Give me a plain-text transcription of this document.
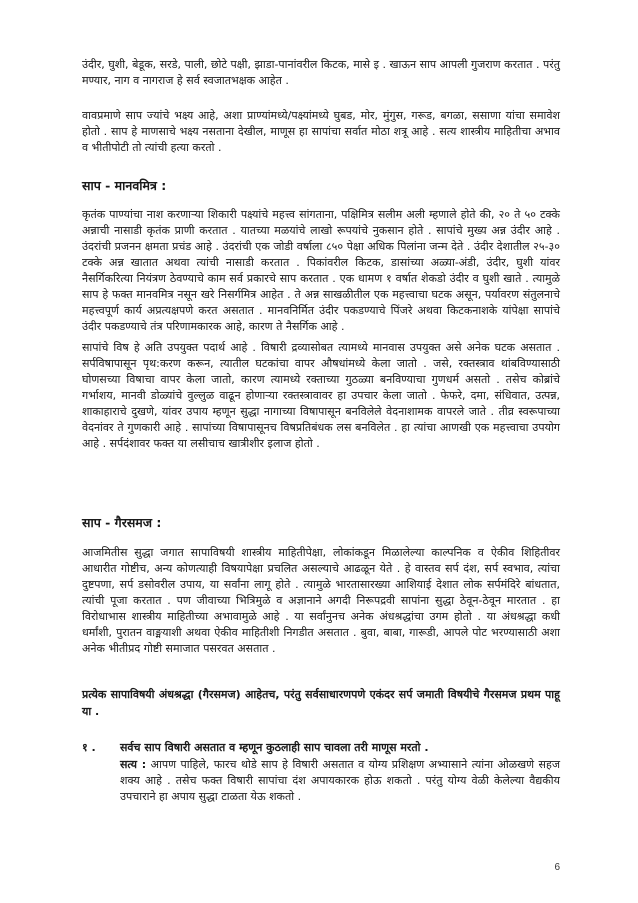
उंदीर, घुशी, बेडूक, सरडे, पाली, छोटे पक्षी, झाडा-पानांवरील किटक, मासे इ . खाऊन साप आपली गुजराण करतात . परंतु मण्यार, नाग व नागराज हे सर्व स्वजातभक्षक आहेत .

वावप्रमाणे साप ज्यांचे भक्ष्य आहे, अशा प्राण्यांमध्ये/पक्ष्यांमध्ये घुबड, मोर, मुंगुस, गरूड, बगळा, ससाणा यांचा समावेश होतो . साप हे माणसाचे भक्ष्य नसताना देखील, माणूस हा सापांचा सर्वात मोठा शत्रू आहे . सत्य शास्त्रीय माहितीचा अभाव व भीतीपोटी तो त्यांची हत्या करतो .

साप - मानवमित्र :

कृतंक पाण्यांचा नाश करणाऱ्या शिकारी पक्ष्यांचे महत्त्व सांगताना, पक्षिमित्र सलीम अली म्हणाले होते की, २० ते ५० टक्के अन्नाची नासाडी कृतंक प्राणी करतात . यातच्या मळयांचे लाखो रूपयांचे नुकसान होते . सापांचे मुख्य अन्न उंदीर आहे . उंदरांची प्रजनन क्षमता प्रचंड आहे . उंदरांची एक जोडी वर्षाला ८५० पेक्षा अधिक पिलांना जन्म देते . उंदीर देशातील २५-३० टक्के अन्न खातात अथवा त्यांची नासाडी करतात . पिकांवरील किटक, डासांच्या अळ्या-अंडी, उंदीर, घुशी यांवर नैसर्गिकरित्या नियंत्रण ठेवण्याचे काम सर्व प्रकारचे साप करतात . एक धामण १ वर्षात शेकडो उंदीर व घुशी खाते . त्यामुळे साप हे फक्त मानवमित्र नसून खरे निसर्गमित्र आहेत . ते अन्न साखळीतील एक महत्त्वाचा घटक असून, पर्यावरण संतुलनाचे महत्त्वपूर्ण कार्य अप्रत्यक्षपणे करत असतात . मानवनिर्मित उंदीर पकडण्याचे पिंजरे अथवा किटकनाशके यांपेक्षा सापांचे उंदीर पकडण्याचे तंत्र परिणामकारक आहे, कारण ते नैसर्गिक आहे .

सापांचे विष हे अति उपयुक्त पदार्थ आहे . विषारी द्रव्यासोबत त्यामध्ये मानवास उपयुक्त असे अनेक घटक असतात . सर्पविषापासून पृथ:करण करून, त्यातील घटकांचा वापर औषधांमध्ये केला जातो . जसे, रक्तस्त्राव थांबविण्यासाठी घोणसच्या विषाचा वापर केला जातो, कारण त्यामध्ये रक्ताच्या गुठळ्या बनविण्याचा गुणधर्म असतो . तसेच कोब्रांचे गर्भाशय, मानवी डोळ्यांचे वुल्लुळ वाढून होणाऱ्या रक्तस्त्रावावर हा उपचार केला जातो . फेफरे, दमा, संधिवात, उत्पन्न, शाकाहाराचे दुखणे, यांवर उपाय म्हणून सुद्धा नागाच्या विषापासून बनविलेले वेदनाशामक वापरले जाते . तीव्र स्वरूपाच्या वेदनांवर ते गुणकारी आहे . सापांच्या विषापासूनच विषप्रतिबंधक लस बनविलेत . हा त्यांचा आणखी एक महत्त्वाचा उपयोग आहे . सर्पदंशावर फक्त या लसीचाच खात्रीशीर इलाज होतो .

साप - गैरसमज :

आजमितीस सुद्धा जगात सापाविषयी शास्त्रीय माहितीपेक्षा, लोकांकडून मिळालेल्या काल्पनिक व ऐकीव शिहितीवर आधारीत गोष्टीच, अन्य कोणत्याही विषयापेक्षा प्रचलित असल्याचे आढळून येते . हे वास्तव सर्प दंश, सर्प स्वभाव, त्यांचा दुष्टपणा, सर्प डसोवरील उपाय, या सर्वांना लागू होते . त्यामुळे भारतासारख्या आशियाई देशात लोक सर्पमंदिरे बांधतात, त्यांची पूजा करतात . पण जीवाच्या भित्रिमुळे व अज्ञानाने अगदी निरूपद्रवी सापांना सुद्धा ठेवून-ठेवून मारतात . हा विरोधाभास शास्त्रीय माहितीच्या अभावामुळे आहे . या सर्वांनुनच अनेक अंधश्रद्धांचा उगम होतो . या अंधश्रद्धा कधी धर्मांशी, पुरातन वाङ्मयाशी अथवा ऐकीव माहितीशी निगडीत असतात . बुवा, बाबा, गारूडी, आपले पोट भरण्यासाठी अशा अनेक भीतीप्रद गोष्टी समाजात पसरवत असतात .

प्रत्येक सापाविषयी अंधश्रद्धा (गैरसमज) आहेतच, परंतु सर्वसाधारणपणे एकंदर सर्प जमाती विषयीचे गैरसमज प्रथम पाहू या .

१ . सर्वच साप विषारी असतात व म्हणून कुठलाही साप चावला तरी माणूस मरतो .

सत्य : आपण पाहिले, फारच थोडे साप हे विषारी असतात व योग्य प्रशिक्षण अभ्यासाने त्यांना ओळखणे सहज शक्य आहे . तसेच फक्त विषारी सापांचा दंश अपायकारक होऊ शकतो . परंतु योग्य वेळी केलेल्या वैद्यकीय उपचाराने हा अपाय सुद्धा टाळता येऊ शकतो .

6
